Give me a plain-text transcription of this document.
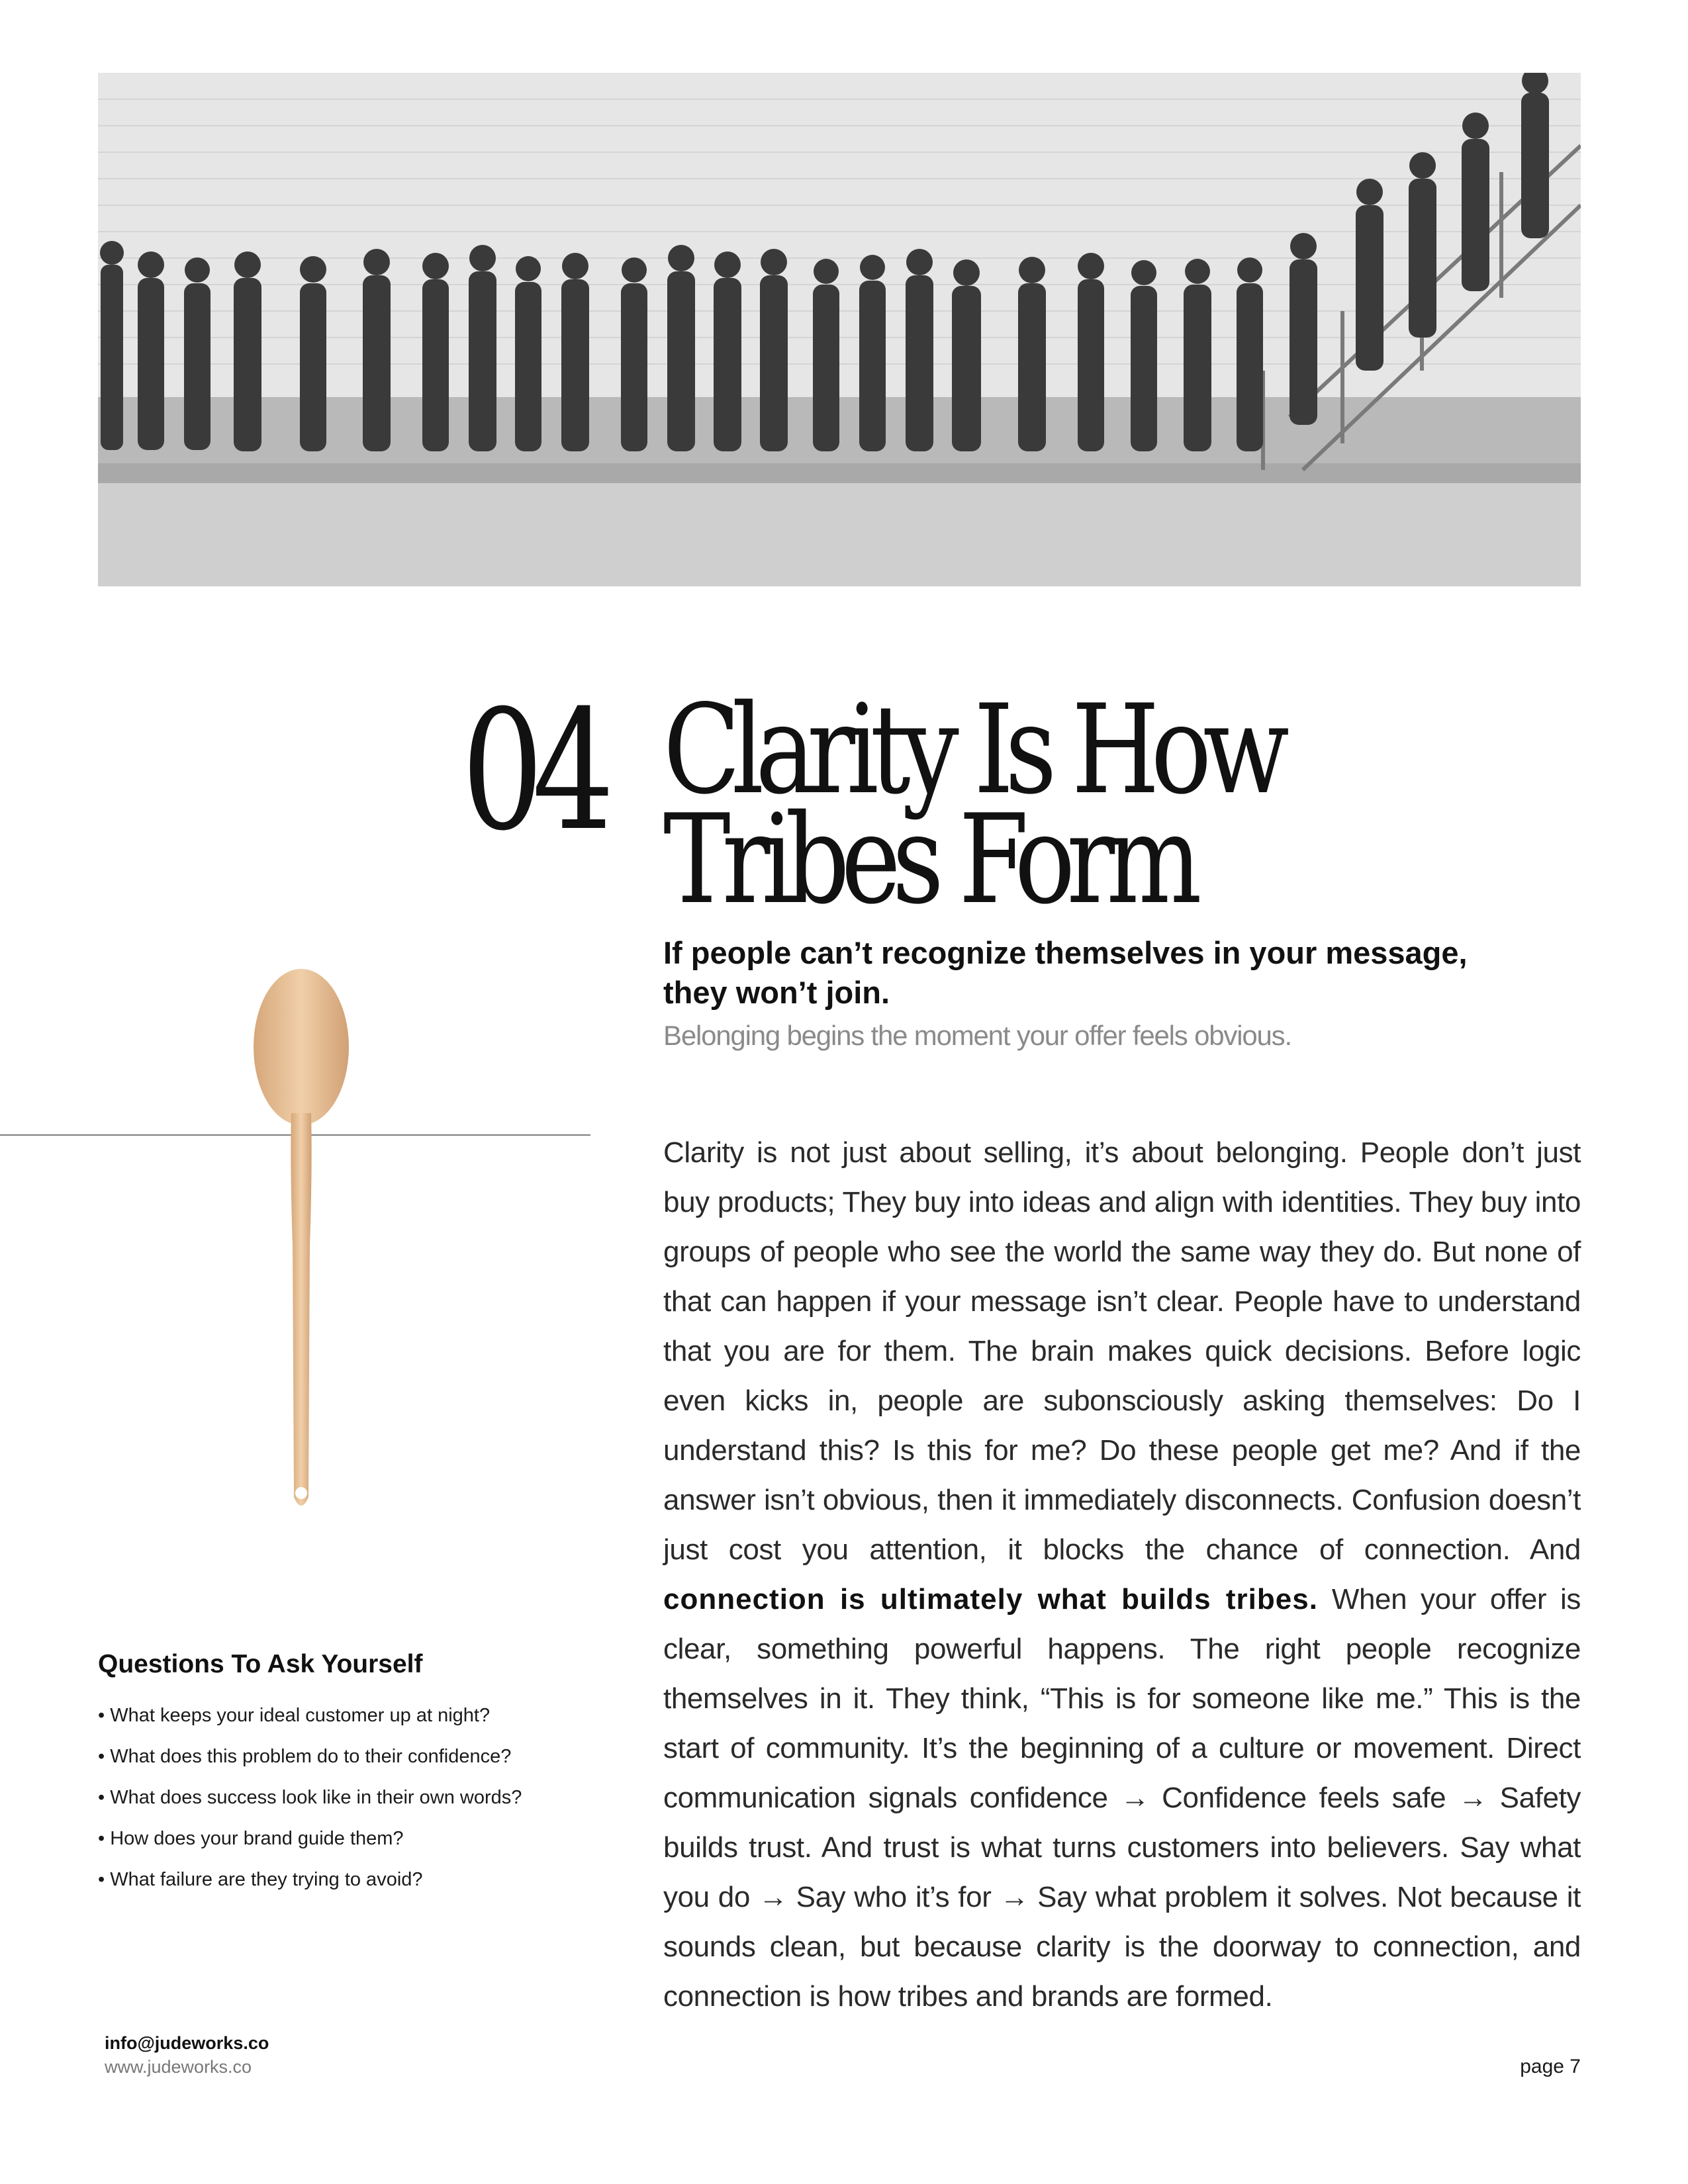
04 Clarity Is How Tribes Form
If people can’t recognize themselves in your message, they won’t join.
Belonging begins the moment your offer feels obvious.
Clarity is not just about selling, it’s about belonging. People don’t just buy products; They buy into ideas and align with identities. They buy into groups of people who see the world the same way they do. But none of that can happen if your message isn’t clear. People have to understand that you are for them. The brain makes quick decisions. Before logic even kicks in, people are subonsciously asking themselves: Do I understand this? Is this for me? Do these people get me? And if the answer isn’t obvious, then it immediately disconnects. Confusion doesn’t just cost you attention, it blocks the chance of connection. And connection is ultimately what builds tribes. When your offer is clear, something powerful happens. The right people recognize themselves in it. They think, “This is for someone like me.” This is the start of community. It’s the beginning of a culture or movement. Direct communication signals confidence → Confidence feels safe → Safety builds trust. And trust is what turns customers into believers. Say what you do → Say who it’s for → Say what problem it solves. Not because it sounds clean, but because clarity is the doorway to connection, and connection is how tribes and brands are formed.
Questions To Ask Yourself
• What keeps your ideal customer up at night?
• What does this problem do to their confidence?
• What does success look like in their own words?
• How does your brand guide them?
• What failure are they trying to avoid?
info@judeworks.co
www.judeworks.co	page 7
